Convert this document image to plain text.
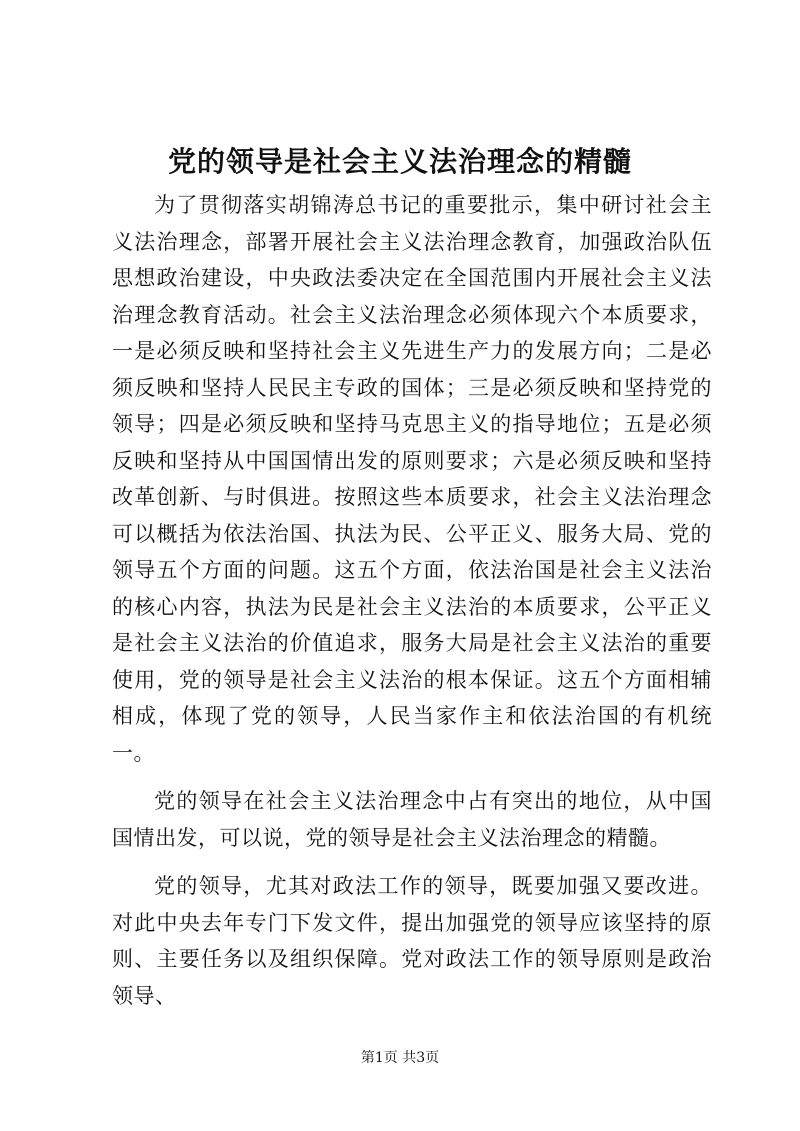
党的领导是社会主义法治理念的精髓

为了贯彻落实胡锦涛总书记的重要批示，集中研讨社会主义法治理念，部署开展社会主义法治理念教育，加强政治队伍思想政治建设，中央政法委决定在全国范围内开展社会主义法治理念教育活动。社会主义法治理念必须体现六个本质要求，一是必须反映和坚持社会主义先进生产力的发展方向；二是必须反映和坚持人民民主专政的国体；三是必须反映和坚持党的领导；四是必须反映和坚持马克思主义的指导地位；五是必须反映和坚持从中国国情出发的原则要求；六是必须反映和坚持改革创新、与时俱进。按照这些本质要求，社会主义法治理念可以概括为依法治国、执法为民、公平正义、服务大局、党的领导五个方面的问题。这五个方面，依法治国是社会主义法治的核心内容，执法为民是社会主义法治的本质要求，公平正义是社会主义法治的价值追求，服务大局是社会主义法治的重要使用，党的领导是社会主义法治的根本保证。这五个方面相辅相成，体现了党的领导，人民当家作主和依法治国的有机统一。

党的领导在社会主义法治理念中占有突出的地位，从中国国情出发，可以说，党的领导是社会主义法治理念的精髓。

党的领导，尤其对政法工作的领导，既要加强又要改进。对此中央去年专门下发文件，提出加强党的领导应该坚持的原则、主要任务以及组织保障。党对政法工作的领导原则是政治领导、

第1页 共3页
